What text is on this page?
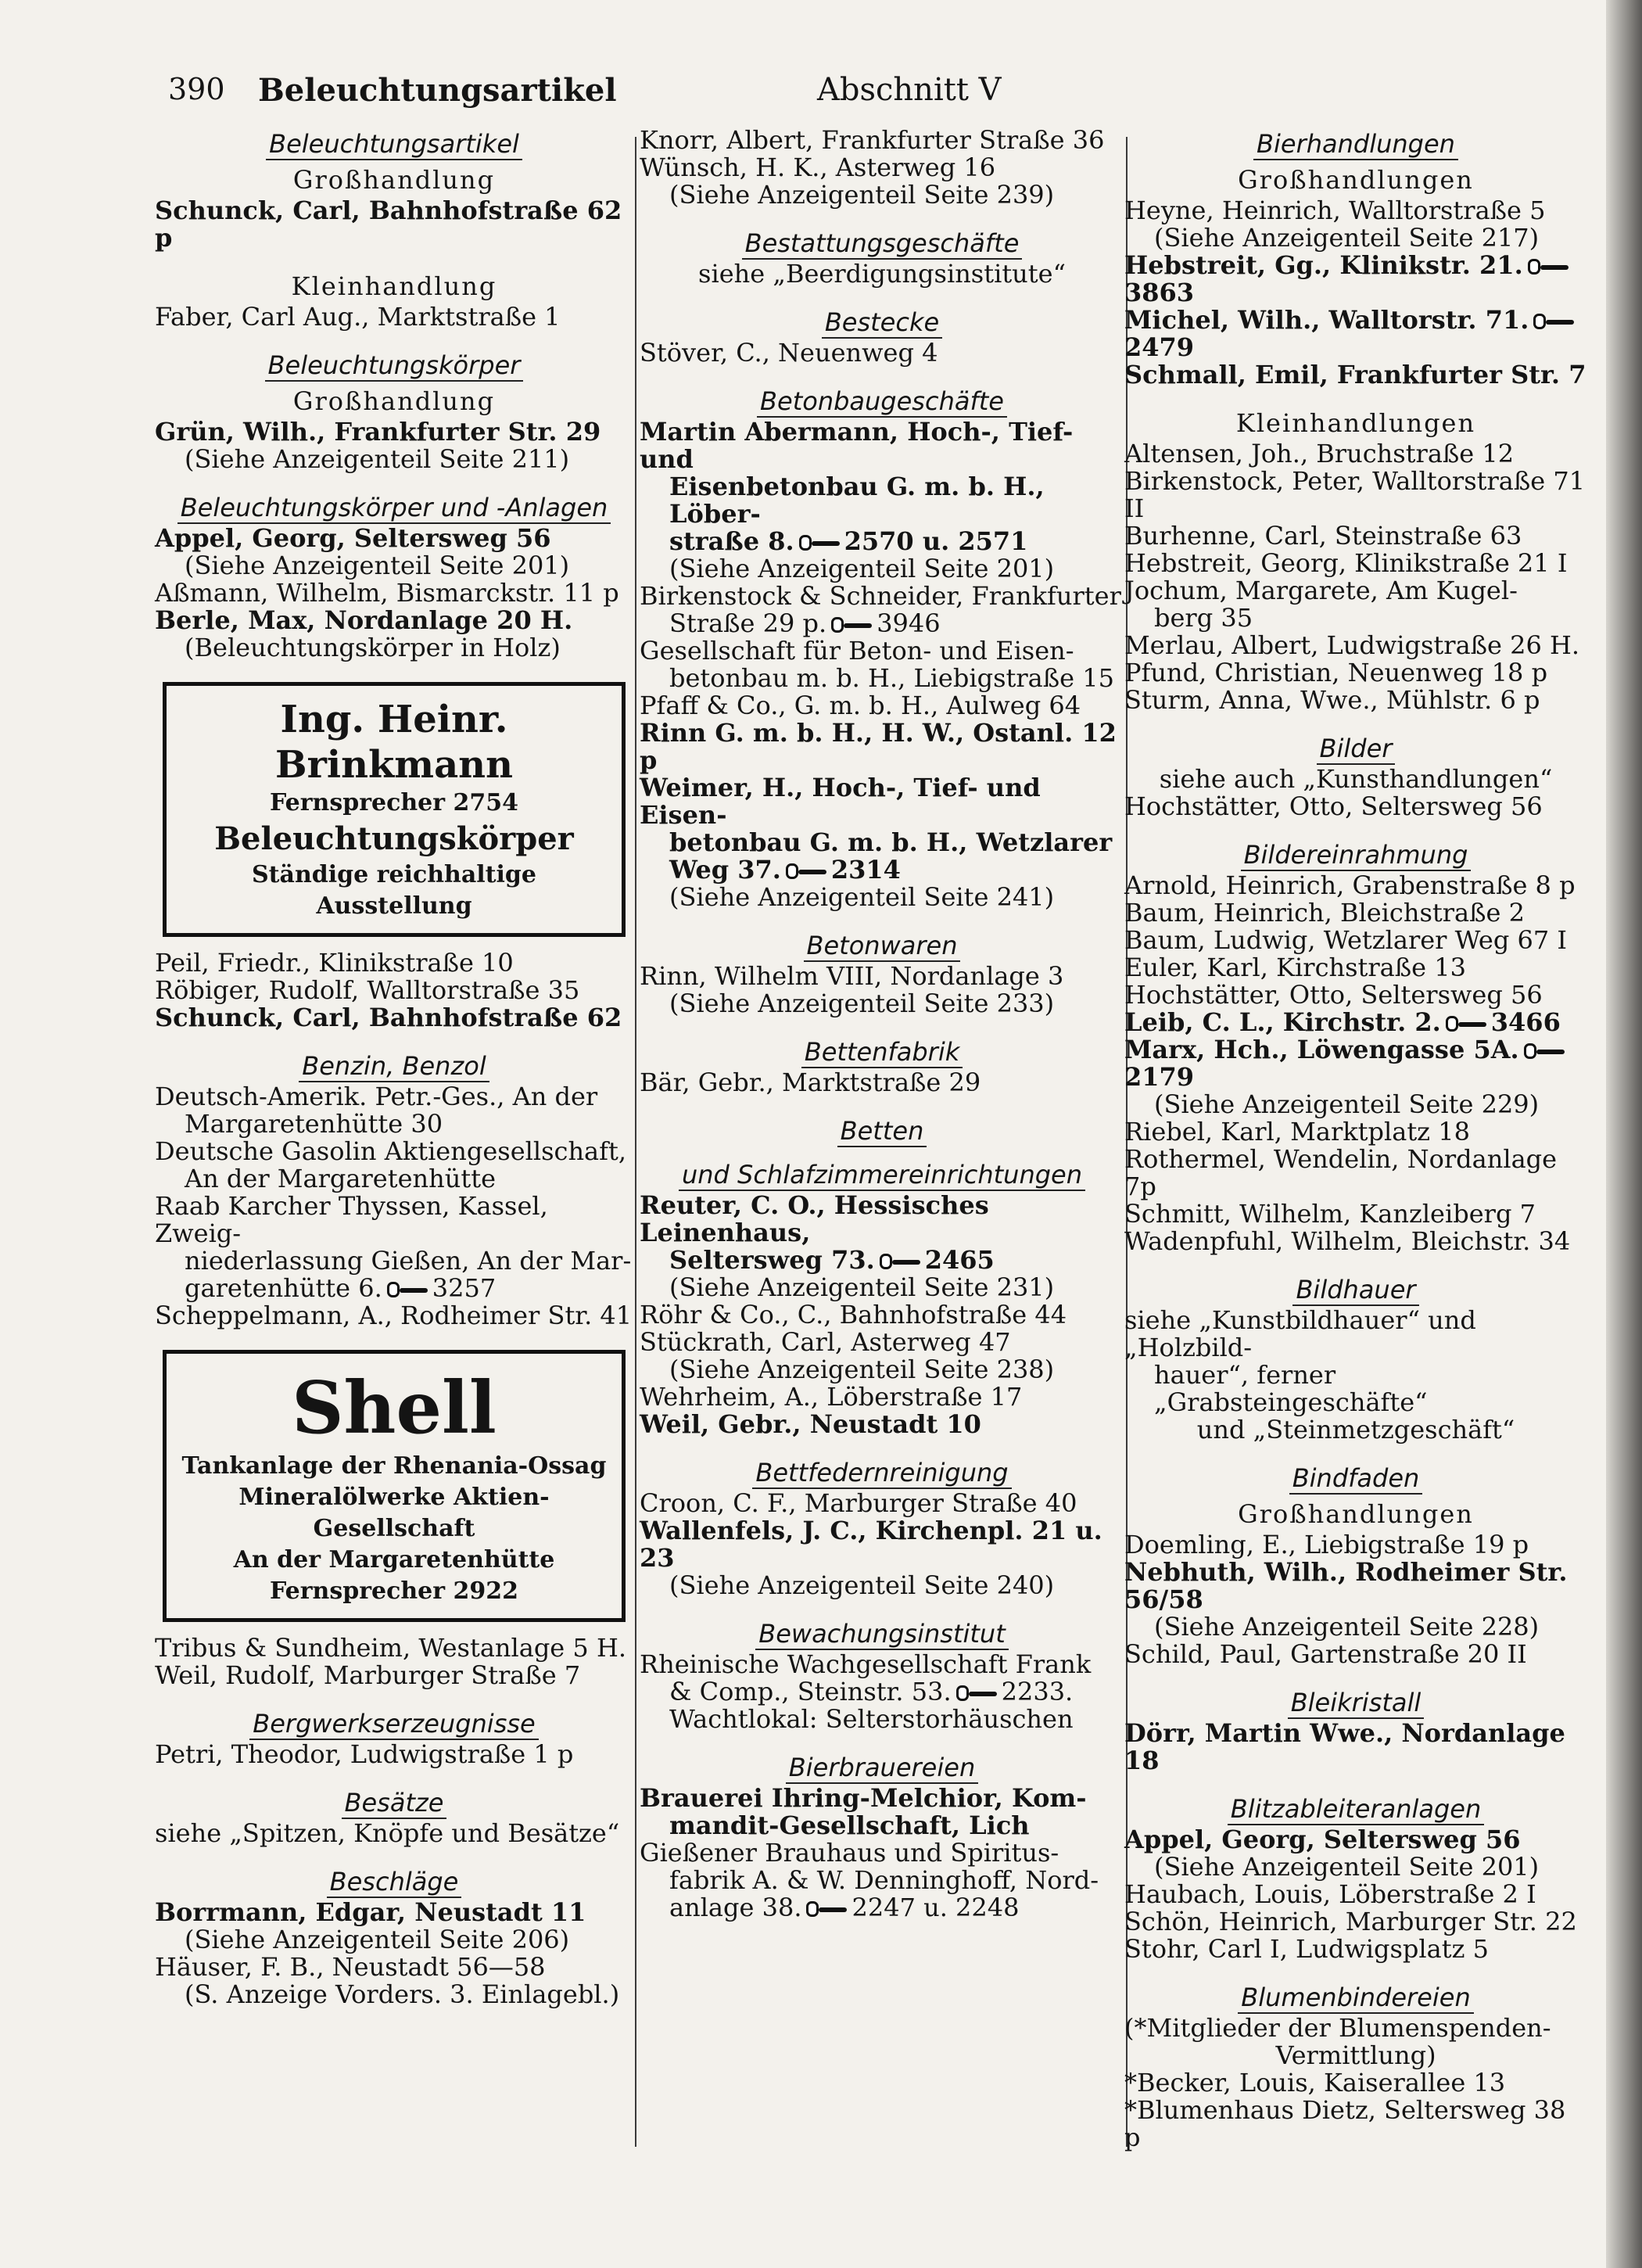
390 Beleuchtungsartikel	Abschnitt V
Beleuchtungsartikel
Großhandlung
Schunck, Carl, Bahnhofstraße 62 p
Kleinhandlung
Faber, Carl Aug., Marktstraße 1
Beleuchtungskörper
Großhandlung
Grün, Wilh., Frankfurter Str. 29
(Siehe Anzeigenteil Seite 211)
Beleuchtungskörper und -Anlagen
Appel, Georg, Seltersweg 56
(Siehe Anzeigenteil Seite 201)
Aßmann, Wilhelm, Bismarckstr. 11 p
Berle, Max, Nordanlage 20 H.
(Beleuchtungskörper in Holz)
Ing. Heinr. Brinkmann
Fernsprecher 2754
Beleuchtungskörper
Ständige reichhaltige Ausstellung
Peil, Friedr., Klinikstraße 10
Röbiger, Rudolf, Walltorstraße 35
Schunck, Carl, Bahnhofstraße 62
Benzin, Benzol
Deutsch-Amerik. Petr.-Ges., An der
Margaretenhütte 30
Deutsche Gasolin Aktiengesellschaft,
An der Margaretenhütte
Raab Karcher Thyssen, Kassel, Zweig-
niederlassung Gießen, An der Mar-
garetenhütte 6. 3257
Scheppelmann, A., Rodheimer Str. 41
Shell
Tankanlage der Rhenania-Ossag
Mineralölwerke Aktien-Gesellschaft
An der Margaretenhütte
Fernsprecher 2922
Tribus & Sundheim, Westanlage 5 H.
Weil, Rudolf, Marburger Straße 7
Bergwerkserzeugnisse
Petri, Theodor, Ludwigstraße 1 p
Besätze
siehe „Spitzen, Knöpfe und Besätze“
Beschläge
Borrmann, Edgar, Neustadt 11
(Siehe Anzeigenteil Seite 206)
Häuser, F. B., Neustadt 56—58
(S. Anzeige Vorders. 3. Einlagebl.)
Knorr, Albert, Frankfurter Straße 36
Wünsch, H. K., Asterweg 16
(Siehe Anzeigenteil Seite 239)
Bestattungsgeschäfte
siehe „Beerdigungsinstitute“
Bestecke
Stöver, C., Neuenweg 4
Betonbaugeschäfte
Martin Abermann, Hoch-, Tief- und
Eisenbetonbau G. m. b. H., Löber-
straße 8. 2570 u. 2571
(Siehe Anzeigenteil Seite 201)
Birkenstock & Schneider, Frankfurter
Straße 29 p. 3946
Gesellschaft für Beton- und Eisen-
betonbau m. b. H., Liebigstraße 15
Pfaff & Co., G. m. b. H., Aulweg 64
Rinn G. m. b. H., H. W., Ostanl. 12 p
Weimer, H., Hoch-, Tief- und Eisen-
betonbau G. m. b. H., Wetzlarer
Weg 37. 2314
(Siehe Anzeigenteil Seite 241)
Betonwaren
Rinn, Wilhelm VIII, Nordanlage 3
(Siehe Anzeigenteil Seite 233)
Bettenfabrik
Bär, Gebr., Marktstraße 29
Betten
und Schlafzimmereinrichtungen
Reuter, C. O., Hessisches Leinenhaus,
Seltersweg 73. 2465
(Siehe Anzeigenteil Seite 231)
Röhr & Co., C., Bahnhofstraße 44
Stückrath, Carl, Asterweg 47
(Siehe Anzeigenteil Seite 238)
Wehrheim, A., Löberstraße 17
Weil, Gebr., Neustadt 10
Bettfedernreinigung
Croon, C. F., Marburger Straße 40
Wallenfels, J. C., Kirchenpl. 21 u. 23
(Siehe Anzeigenteil Seite 240)
Bewachungsinstitut
Rheinische Wachgesellschaft Frank
& Comp., Steinstr. 53. 2233.
Wachtlokal: Selterstorhäuschen
Bierbrauereien
Brauerei Ihring-Melchior, Kom-
mandit-Gesellschaft, Lich
Gießener Brauhaus und Spiritus-
fabrik A. & W. Denninghoff, Nord-
anlage 38. 2247 u. 2248
Bierhandlungen
Großhandlungen
Heyne, Heinrich, Walltorstraße 5
(Siehe Anzeigenteil Seite 217)
Hebstreit, Gg., Klinikstr. 21.3863
Michel, Wilh., Walltorstr. 71.2479
Schmall, Emil, Frankfurter Str. 7
Kleinhandlungen
Altensen, Joh., Bruchstraße 12
Birkenstock, Peter, Walltorstraße 71 II
Burhenne, Carl, Steinstraße 63
Hebstreit, Georg, Klinikstraße 21 I
Jochum, Margarete, Am Kugel-
berg 35
Merlau, Albert, Ludwigstraße 26 H.
Pfund, Christian, Neuenweg 18 p
Sturm, Anna, Wwe., Mühlstr. 6 p
Bilder
siehe auch „Kunsthandlungen“
Hochstätter, Otto, Seltersweg 56
Bildereinrahmung
Arnold, Heinrich, Grabenstraße 8 p
Baum, Heinrich, Bleichstraße 2
Baum, Ludwig, Wetzlarer Weg 67 I
Euler, Karl, Kirchstraße 13
Hochstätter, Otto, Seltersweg 56
Leib, C. L., Kirchstr. 2. 3466
Marx, Hch., Löwengasse 5A.2179
(Siehe Anzeigenteil Seite 229)
Riebel, Karl, Marktplatz 18
Rothermel, Wendelin, Nordanlage 7p
Schmitt, Wilhelm, Kanzleiberg 7
Wadenpfuhl, Wilhelm, Bleichstr. 34
Bildhauer
siehe „Kunstbildhauer“ und „Holzbild-
hauer“, ferner „Grabsteingeschäfte“
und „Steinmetzgeschäft“
Bindfaden
Großhandlungen
Doemling, E., Liebigstraße 19 p
Nebhuth, Wilh., Rodheimer Str. 56/58
(Siehe Anzeigenteil Seite 228)
Schild, Paul, Gartenstraße 20 II
Bleikristall
Dörr, Martin Wwe., Nordanlage 18
Blitzableiteranlagen
Appel, Georg, Seltersweg 56
(Siehe Anzeigenteil Seite 201)
Haubach, Louis, Löberstraße 2 I
Schön, Heinrich, Marburger Str. 22
Stohr, Carl I, Ludwigsplatz 5
Blumenbindereien
(*Mitglieder der Blumenspenden-
Vermittlung)
*Becker, Louis, Kaiserallee 13
*Blumenhaus Dietz, Seltersweg 38 p
